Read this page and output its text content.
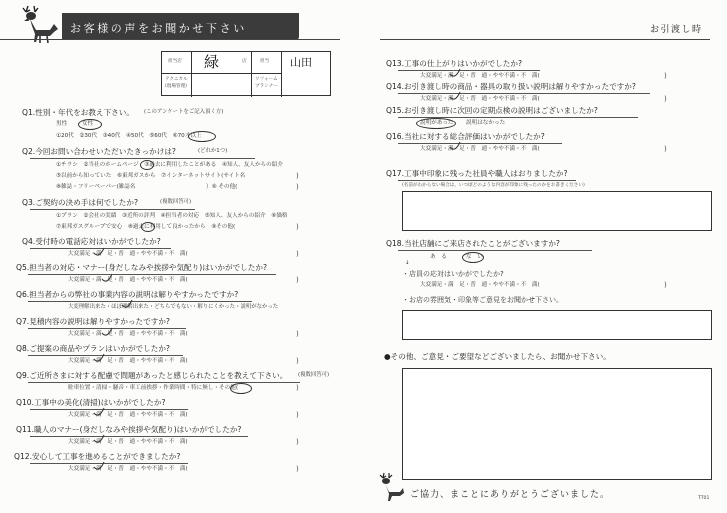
お客様の声をお聞かせ下さい
担当店 緑	店	担当 山田
テクニカル
(現場管理)
リフォーム
プランナー
Q1.性別・年代をお教え下さい。 (このアンケートをご記入頂く方)
男性	女性
①20代　②30代　③40代　④50代　⑤60代　⑥70才以上
Q2.今回お問い合わせいただいたきっかけは?	(どれか1つ)
①チラシ　②当社のホームページ　③過去に利用したことがある　④知人、友人からの紹介
⑤以前から知っていた　⑥東邦ガスから　⑦インターネットサイト(サイト名	)
⑧雑誌・フリーペーパー(雑誌名	）⑨ その他(	)
Q3.ご契約の決め手は何でしたか?	(複数回答可)
①プラン　②会社の実績　③近所の評判　④担当者の対応　⑤知人、友人からの紹介　⑥価格
⑦東邦ガスグループで安心　⑧過去に利用して良かったから　⑨その他(	)
Q4.受付時の電話応対はいかがでしたか?
大変満足・満　足・普　通・やや不満・不　満(	)
Q5.担当者の対応・マナー(身だしなみや挨拶や気配り)はいかがでしたか?
大変満足・満　足・普　通・やや不満・不　満(	)
Q6.担当者からの弊社の事業内容の説明は解りやすかったですか?
大変理解出来た・ほぼ理解出来た・どちらでもない・解りにくかった・説明がなかった
Q7.見積内容の説明は解りやすかったですか?
大変満足・満　足・普　通・やや不満・不　満(	)
Q8.ご提案の商品やプランはいかがでしたか?
大変満足・満　足・普　通・やや不満・不　満(	)
Q9.ご近所さまに対する配慮で問題があったと感じられたことを教えて下さい。 (複数回答可)
駐車位置・清掃・騒音・車工前挨拶・作業時間・特に無し・その他(	)
Q10.工事中の美化(清掃)はいかがでしたか?
大変満足・満　足・普　通・やや不満・不　満(	)
Q11.職人のマナー(身だしなみや挨拶や気配り)はいかがでしたか?
大変満足・満　足・普　通・やや不満・不　満(	)
Q12.安心して工事を進めることができましたか?
大変満足・満　足・普　通・やや不満・不　満(	)
お引渡し時
Q13.工事の仕上がりはいかがでしたか?
大変満足・満　足・普　通・やや不満・不　満(	)
Q14.お引き渡し時の商品・器具の取り扱い説明は解りやすかったですか?
大変満足・満　足・普　通・やや不満・不　満(	)
Q15.お引き渡し時に次回の定期点検の説明はございましたか?
説明があった 説明はなかった
Q16.当社に対する総合評価はいかがでしたか?
大変満足・満　足・普　通・やや不満・不　満(	)
Q17.工事中印象に残った社員や職人はおりましたか?
(名前がわからない場合は、いつ頃どのような内容が印象に残ったのかをお書きください)
Q18.当社店舗にご来店されたことがございますか?
あ　る	な　い
↓
・店員の応対はいかがでしたか?
大変満足・満　足・普　通・やや不満・不　満(	)
・お店の雰囲気・印象等ご意見をお聞かせ下さい。
●その他、ご意見・ご要望などございましたら、お聞かせ下さい。
ご協力、まことにありがとうございました。	TT01
